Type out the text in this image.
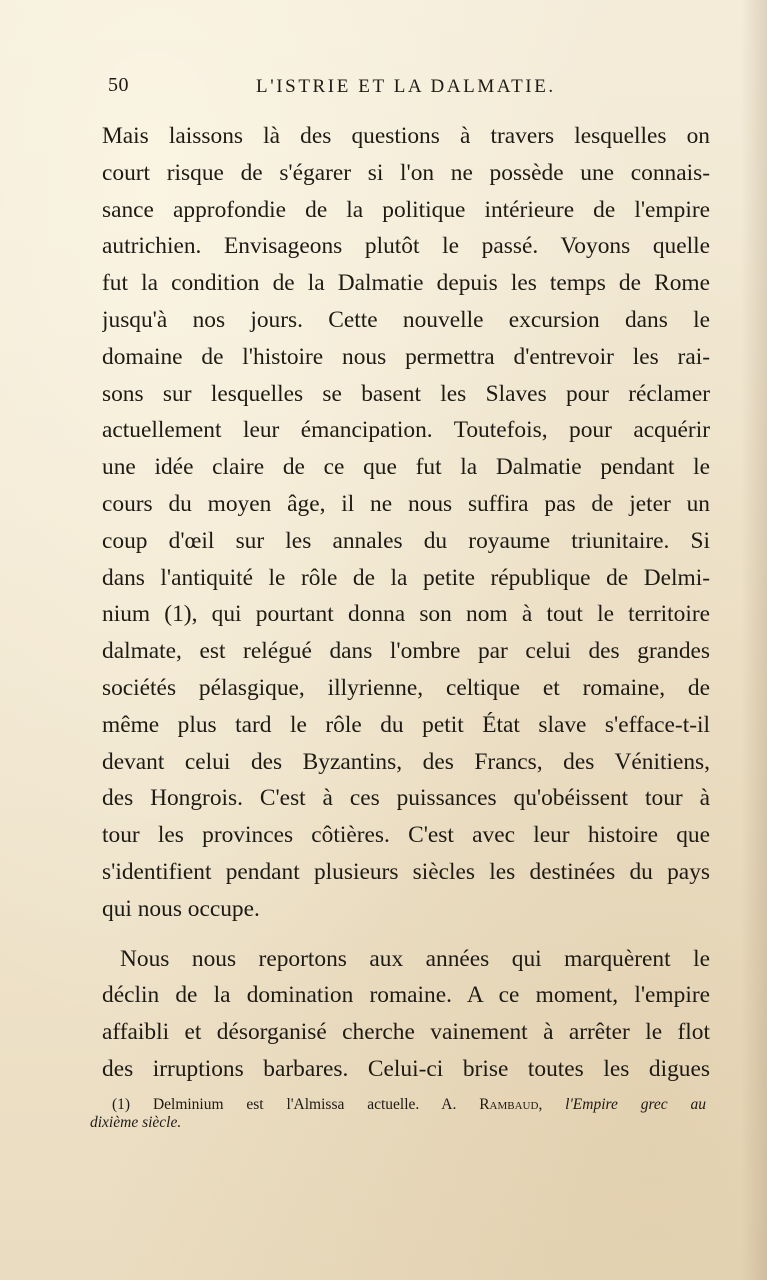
50	L'ISTRIE ET LA DALMATIE.
Mais laissons là des questions à travers lesquelles on
court risque de s'égarer si l'on ne possède une connais-
sance approfondie de la politique intérieure de l'empire
autrichien. Envisageons plutôt le passé. Voyons quelle
fut la condition de la Dalmatie depuis les temps de Rome
jusqu'à nos jours. Cette nouvelle excursion dans le
domaine de l'histoire nous permettra d'entrevoir les rai-
sons sur lesquelles se basent les Slaves pour réclamer
actuellement leur émancipation. Toutefois, pour acquérir
une idée claire de ce que fut la Dalmatie pendant le
cours du moyen âge, il ne nous suffira pas de jeter un
coup d'œil sur les annales du royaume triunitaire. Si
dans l'antiquité le rôle de la petite république de Delmi-
nium (1), qui pourtant donna son nom à tout le territoire
dalmate, est relégué dans l'ombre par celui des grandes
sociétés pélasgique, illyrienne, celtique et romaine, de
même plus tard le rôle du petit État slave s'efface-t-il
devant celui des Byzantins, des Francs, des Vénitiens,
des Hongrois. C'est à ces puissances qu'obéissent tour à
tour les provinces côtières. C'est avec leur histoire que
s'identifient pendant plusieurs siècles les destinées du pays
qui nous occupe.
Nous nous reportons aux années qui marquèrent le
déclin de la domination romaine. A ce moment, l'empire
affaibli et désorganisé cherche vainement à arrêter le flot
des irruptions barbares. Celui-ci brise toutes les digues
(1) Delminium est l'Almissa actuelle. A. Rambaud, l'Empire grec au
dixième siècle.
